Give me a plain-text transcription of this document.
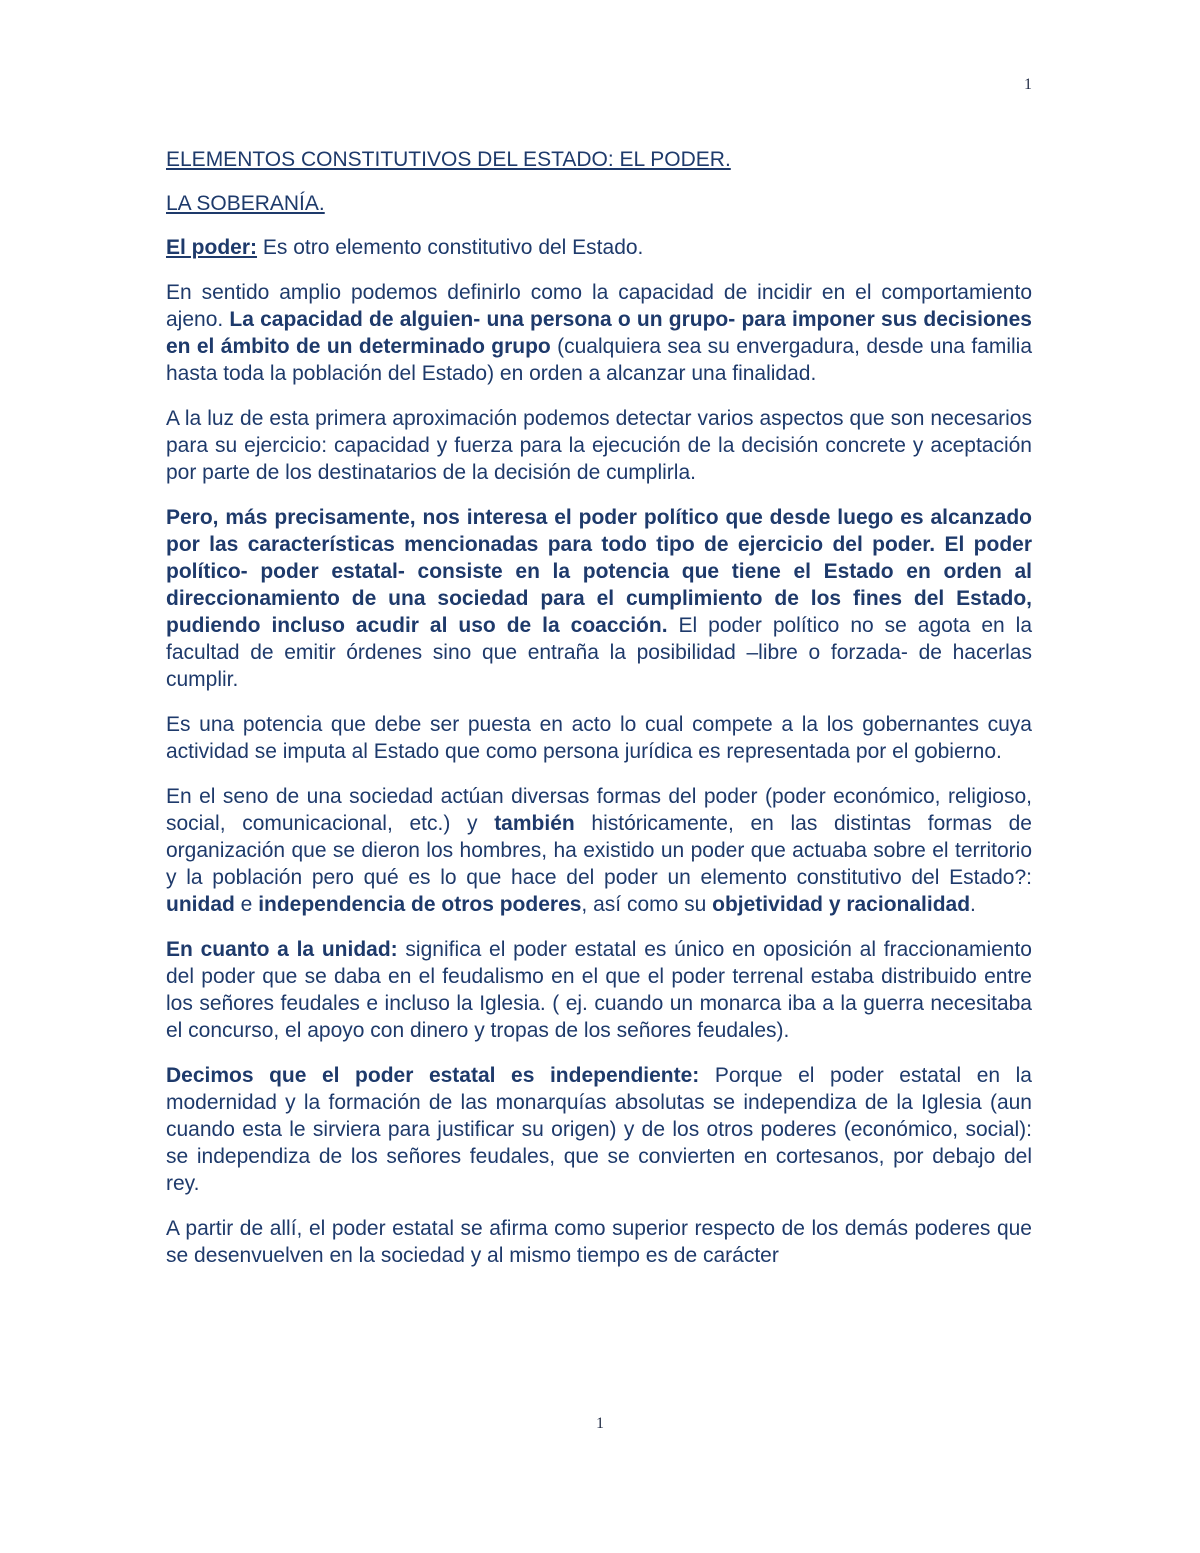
1
ELEMENTOS CONSTITUTIVOS DEL ESTADO: EL PODER.
LA SOBERANÍA.

El poder: Es otro elemento constitutivo del Estado.

En sentido amplio podemos definirlo como la capacidad de incidir en el comportamiento ajeno. La capacidad de alguien- una persona o un grupo- para imponer sus decisiones en el ámbito de un determinado grupo (cualquiera sea su envergadura, desde una familia hasta toda la población del Estado) en orden a alcanzar una finalidad.

A la luz de esta primera aproximación podemos detectar varios aspectos que son necesarios para su ejercicio: capacidad y fuerza para la ejecución de la decisión concrete y aceptación por parte de los destinatarios de la decisión de cumplirla.

Pero, más precisamente, nos interesa el poder político que desde luego es alcanzado por las características mencionadas para todo tipo de ejercicio del poder. El poder político- poder estatal- consiste en la potencia que tiene el Estado en orden al direccionamiento de una sociedad para el cumplimiento de los fines del Estado, pudiendo incluso acudir al uso de la coacción. El poder político no se agota en la facultad de emitir órdenes sino que entraña la posibilidad –libre o forzada- de hacerlas cumplir.

Es una potencia que debe ser puesta en acto lo cual compete a la los gobernantes cuya actividad se imputa al Estado que como persona jurídica es representada por el gobierno.

En el seno de una sociedad actúan diversas formas del poder (poder económico, religioso, social, comunicacional, etc.) y también históricamente, en las distintas formas de organización que se dieron los hombres, ha existido un poder que actuaba sobre el territorio y la población pero qué es lo que hace del poder un elemento constitutivo del Estado?: unidad e independencia de otros poderes, así como su objetividad y racionalidad.

En cuanto a la unidad: significa el poder estatal es único en oposición al fraccionamiento del poder que se daba en el feudalismo en el que el poder terrenal estaba distribuido entre los señores feudales e incluso la Iglesia. ( ej. cuando un monarca iba a la guerra necesitaba el concurso, el apoyo con dinero y tropas de los señores feudales).

Decimos que el poder estatal es independiente: Porque el poder estatal en la modernidad y la formación de las monarquías absolutas se independiza de la Iglesia (aun cuando esta le sirviera para justificar su origen) y de los otros poderes (económico, social): se independiza de los señores feudales, que se convierten en cortesanos, por debajo del rey.

A partir de allí, el poder estatal se afirma como superior respecto de los demás poderes que se desenvuelven en la sociedad y al mismo tiempo es de carácter

1
